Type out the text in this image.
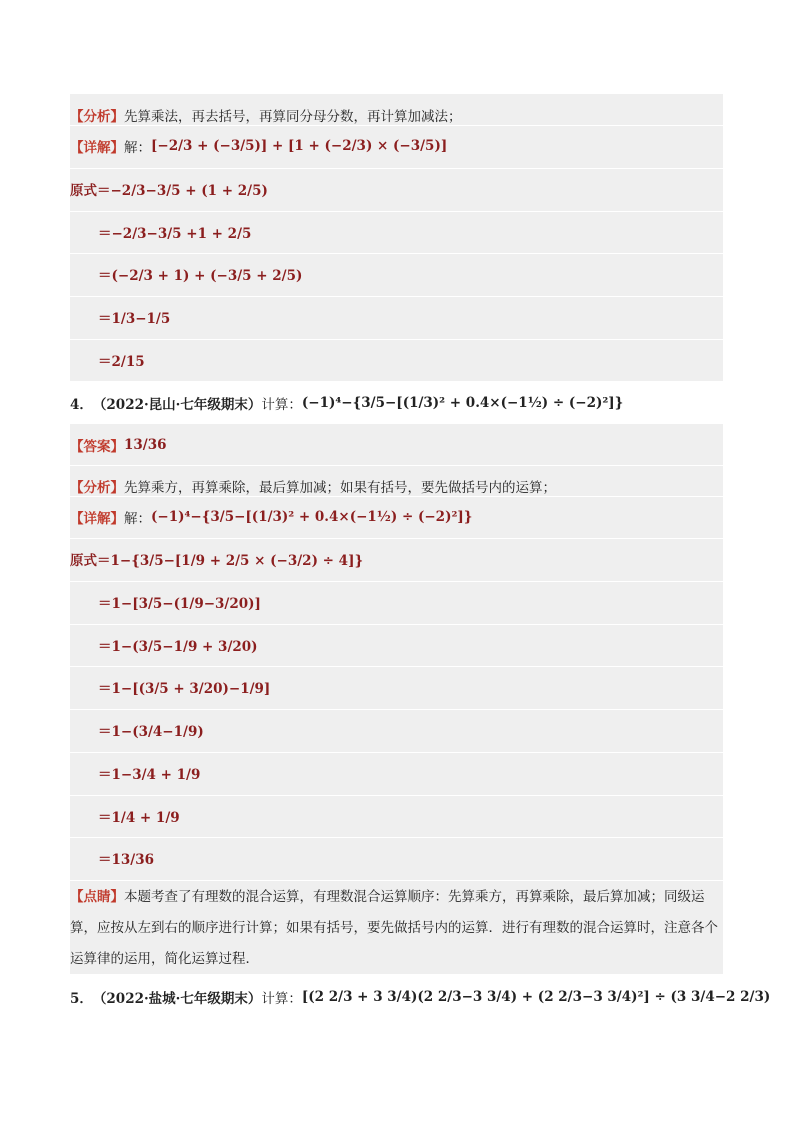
【分析】 先算乘法，再去括号，再算同分母分数，再计算加减法；
【详解】 解： [−2/3 + (−3/5)] + [1 + (−2/3) × (−3/5)]
原式＝−2/3−3/5 + (1 + 2/5)
＝−2/3−3/5 +1 + 2/5
＝(−2/3 + 1) + (−3/5 + 2/5)
＝1/3−1/5
＝2/15
4． （2022·昆山·七年级期末） 计算： (−1)⁴−{3/5−[(1/3)² + 0.4×(−1½) ÷ (−2)²]}
【答案】 13/36
【分析】 先算乘方，再算乘除，最后算加减；如果有括号，要先做括号内的运算；
【详解】 解： (−1)⁴−{3/5−[(1/3)² + 0.4×(−1½) ÷ (−2)²]}
原式＝1−{3/5−[1/9 + 2/5 × (−3/2) ÷ 4]}
＝1−[3/5−(1/9−3/20)]
＝1−(3/5−1/9 + 3/20)
＝1−[(3/5 + 3/20)−1/9]
＝1−(3/4−1/9)
＝1−3/4 + 1/9
＝1/4 + 1/9
＝13/36
【点睛】本题考查了有理数的混合运算，有理数混合运算顺序：先算乘方，再算乘除，最后算加减；同级运算，应按从左到右的顺序进行计算；如果有括号，要先做括号内的运算．进行有理数的混合运算时，注意各个运算律的运用，简化运算过程．
5． （2022·盐城·七年级期末） 计算： [(2 2/3 + 3 3/4)(2 2/3−3 3/4) + (2 2/3−3 3/4)²] ÷ (3 3/4−2 2/3)
